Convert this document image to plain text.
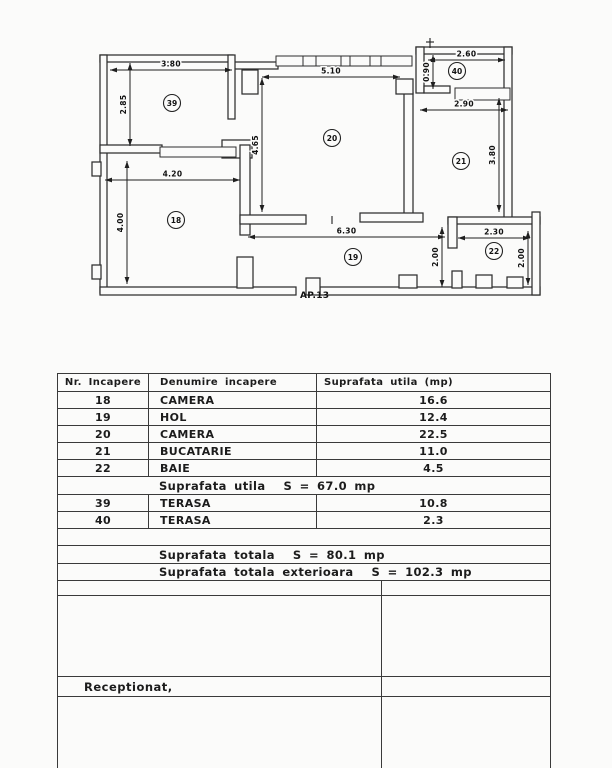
3.80
2.85
5.10
4.65
2.60
0.90
2.90
3.80
4.20
4.00	6.30	2.30
2.00	2.00
39
20
40
21
18
19
22
AP.13
Nr. Incapere	Denumire incapere	Suprafata utila (mp)
18	CAMERA	16.6
19	HOL	12.4
20	CAMERA	22.5
21	BUCATARIE	11.0
22	BAIE	4.5
Suprafata utila S = 67.0 mp
39	TERASA	10.8
40	TERASA	2.3
Suprafata totala S = 80.1 mp
Suprafata totala exterioara S = 102.3 mp
Receptionat,
